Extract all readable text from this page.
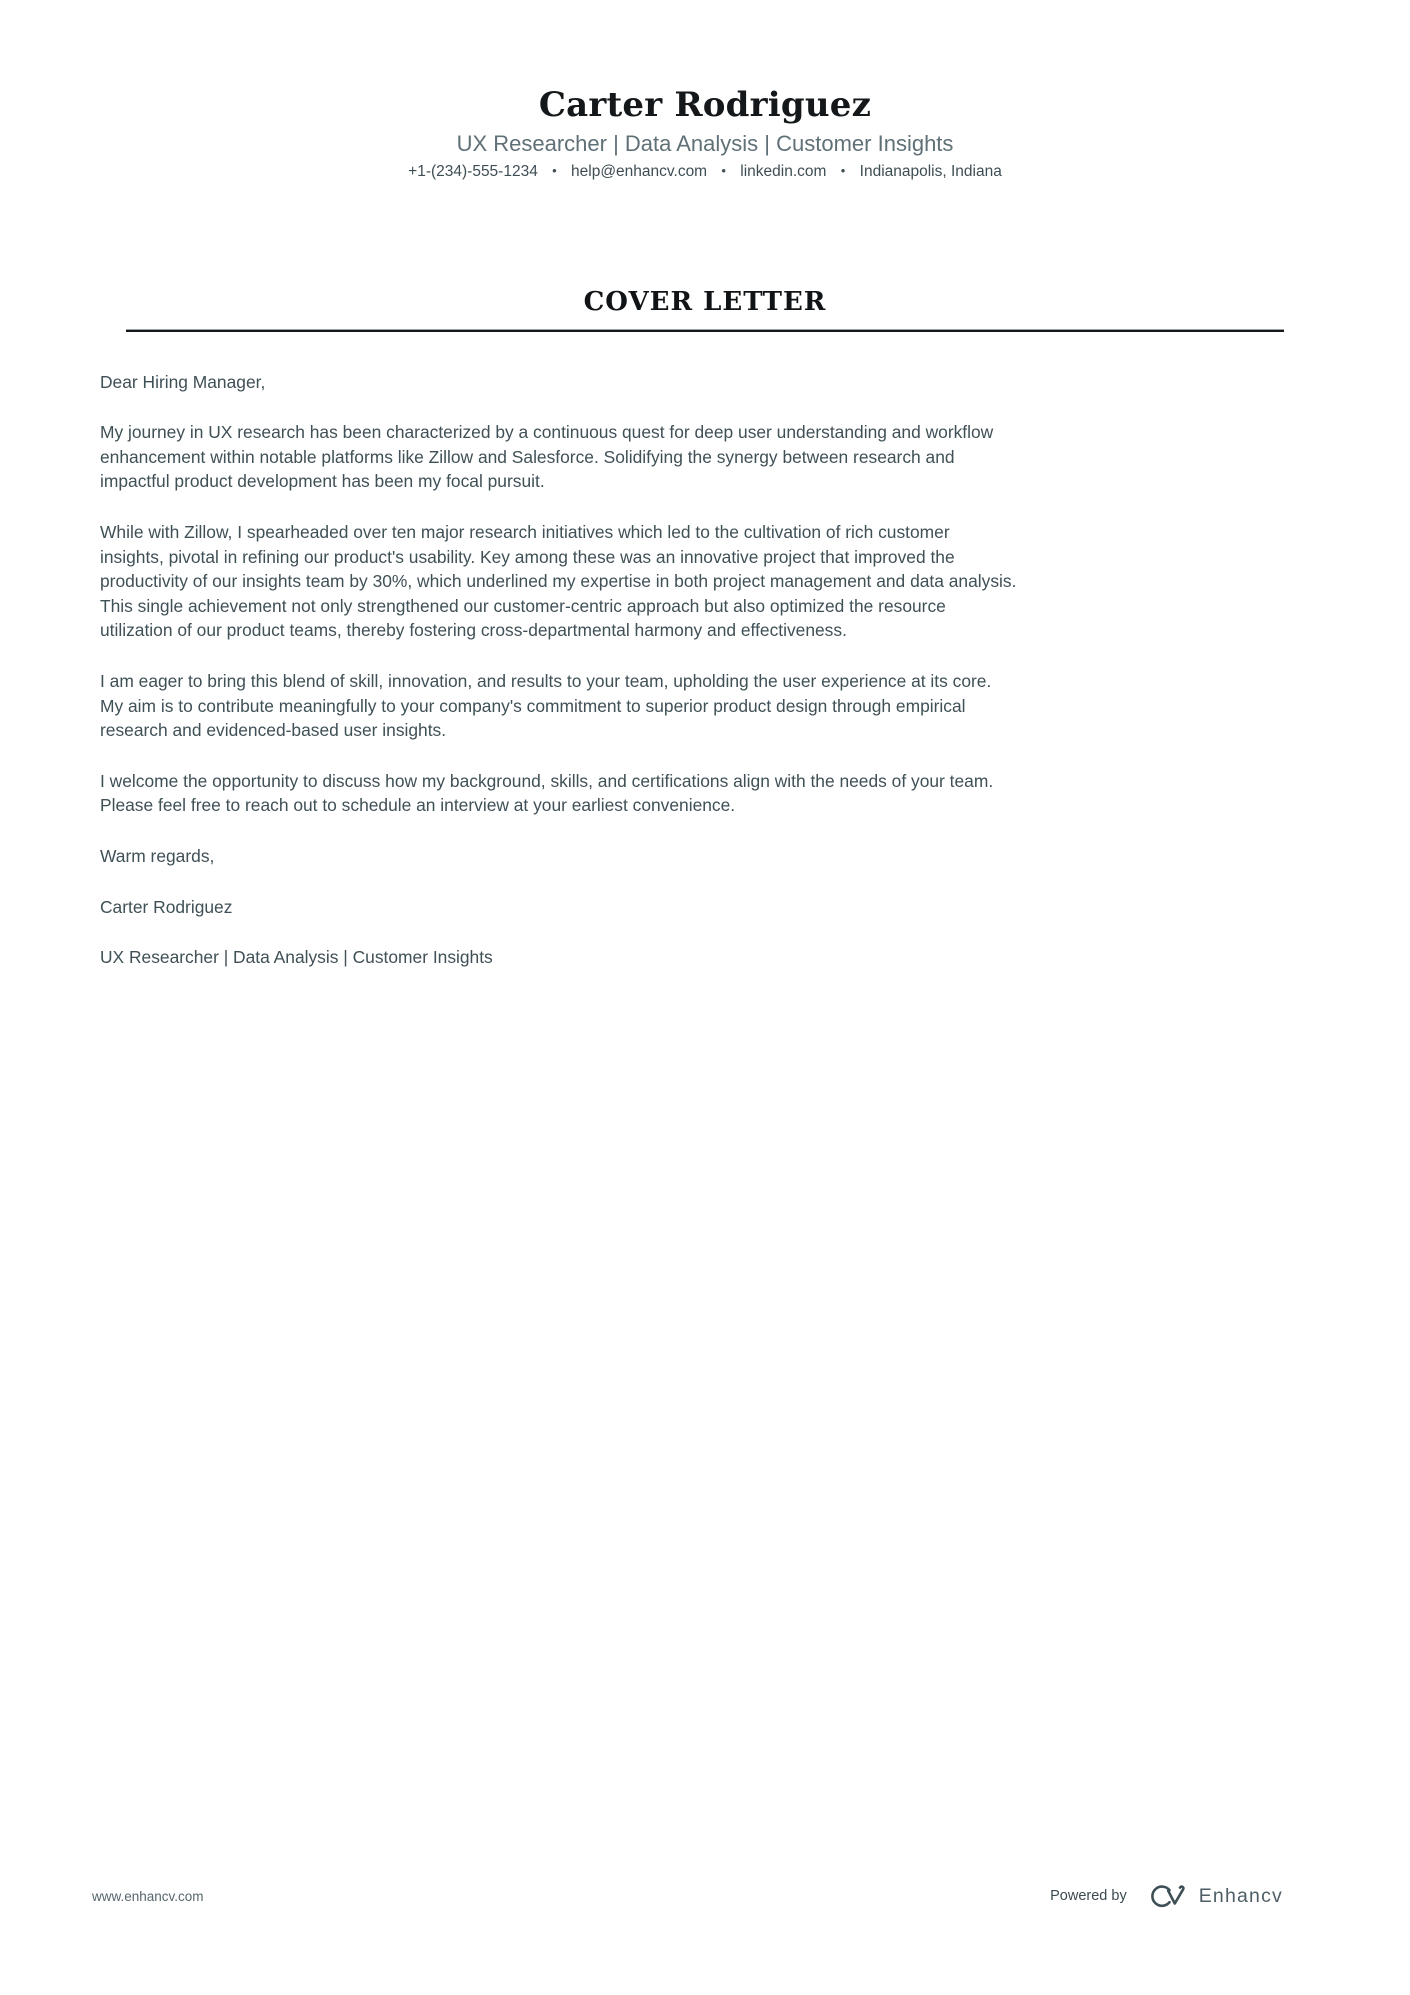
Carter Rodriguez
UX Researcher | Data Analysis | Customer Insights
+1-(234)-555-1234 • help@enhancv.com • linkedin.com • Indianapolis, Indiana
COVER LETTER

Dear Hiring Manager,

My journey in UX research has been characterized by a continuous quest for deep user understanding and workflow enhancement within notable platforms like Zillow and Salesforce. Solidifying the synergy between research and impactful product development has been my focal pursuit.

While with Zillow, I spearheaded over ten major research initiatives which led to the cultivation of rich customer insights, pivotal in refining our product's usability. Key among these was an innovative project that improved the productivity of our insights team by 30%, which underlined my expertise in both project management and data analysis. This single achievement not only strengthened our customer-centric approach but also optimized the resource utilization of our product teams, thereby fostering cross-departmental harmony and effectiveness.

I am eager to bring this blend of skill, innovation, and results to your team, upholding the user experience at its core. My aim is to contribute meaningfully to your company's commitment to superior product design through empirical research and evidenced-based user insights.

I welcome the opportunity to discuss how my background, skills, and certifications align with the needs of your team. Please feel free to reach out to schedule an interview at your earliest convenience.

Warm regards,

Carter Rodriguez

UX Researcher | Data Analysis | Customer Insights

www.enhancv.com	Powered by	Enhancv
